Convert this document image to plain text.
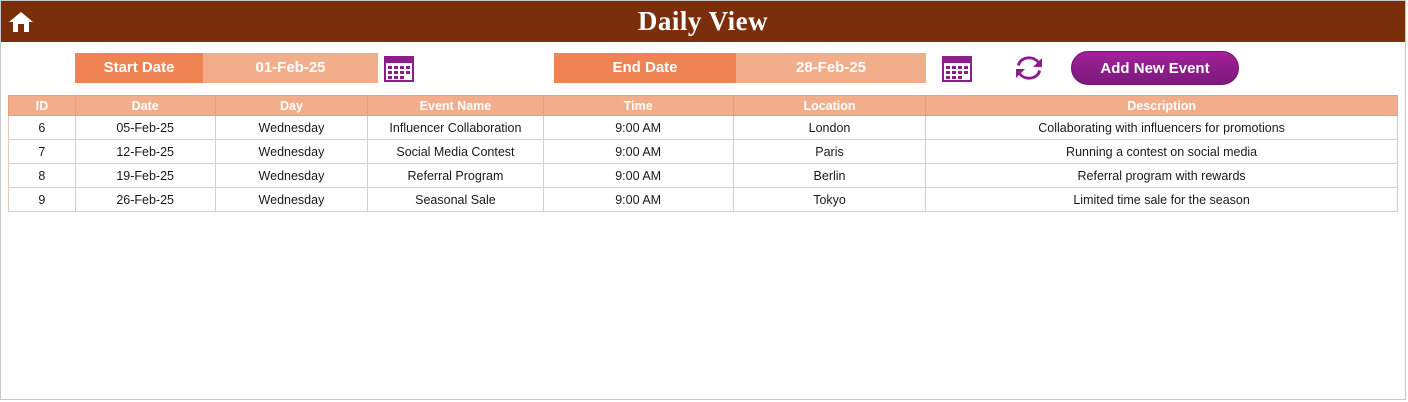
Daily View
Start Date	01-Feb-25	End Date	28-Feb-25	Add New Event
ID	Date	Day	Event Name	Time	Location	Description
6	05-Feb-25	Wednesday	Influencer Collaboration	9:00 AM	London	Collaborating with influencers for promotions
7	12-Feb-25	Wednesday	Social Media Contest	9:00 AM	Paris	Running a contest on social media
8	19-Feb-25	Wednesday	Referral Program	9:00 AM	Berlin	Referral program with rewards
9	26-Feb-25	Wednesday	Seasonal Sale	9:00 AM	Tokyo	Limited time sale for the season
